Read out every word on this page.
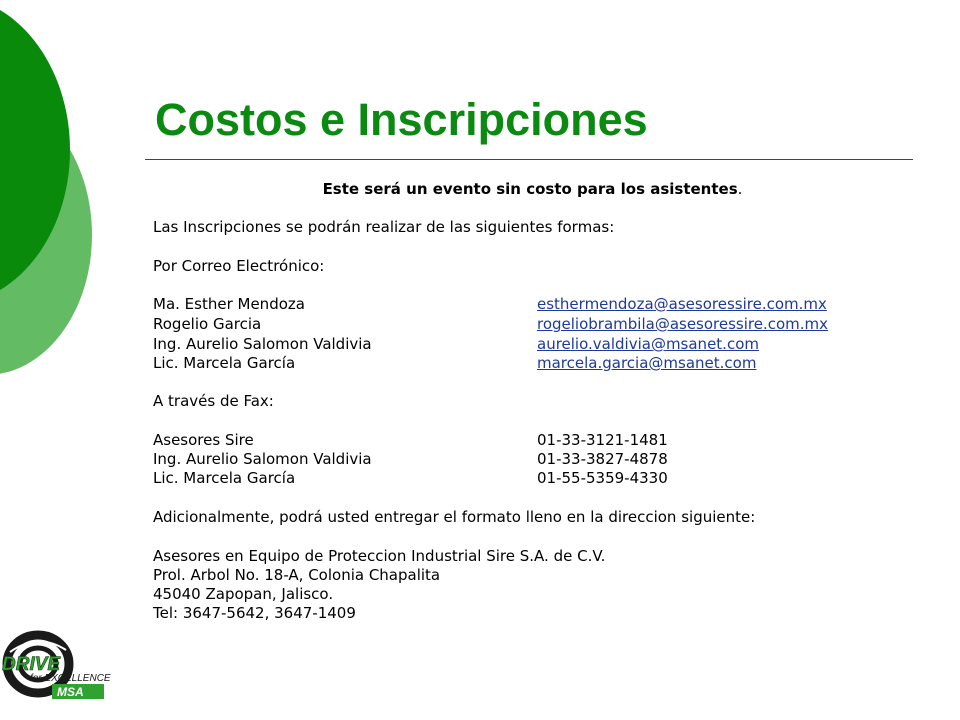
Costos e Inscripciones
Este será un evento sin costo para los asistentes.
Las Inscripciones se podrán realizar de las siguientes formas:
Por Correo Electrónico:
Ma. Esther Mendoza	esthermendoza@asesoressire.com.mx
Rogelio Garcia	rogeliobrambila@asesoressire.com.mx
Ing. Aurelio Salomon Valdivia	aurelio.valdivia@msanet.com
Lic. Marcela García	marcela.garcia@msanet.com
A través de Fax:
Asesores Sire	01-33-3121-1481
Ing. Aurelio Salomon Valdivia	01-33-3827-4878
Lic. Marcela García	01-55-5359-4330
Adicionalmente, podrá usted entregar el formato lleno en la direccion siguiente:
Asesores en Equipo de Proteccion Industrial Sire S.A. de C.V.
Prol. Arbol No. 18-A, Colonia Chapalita
45040 Zapopan, Jalisco.
Tel: 3647-5642, 3647-1409
DRIVE
for EXCELLENCE
MSA
